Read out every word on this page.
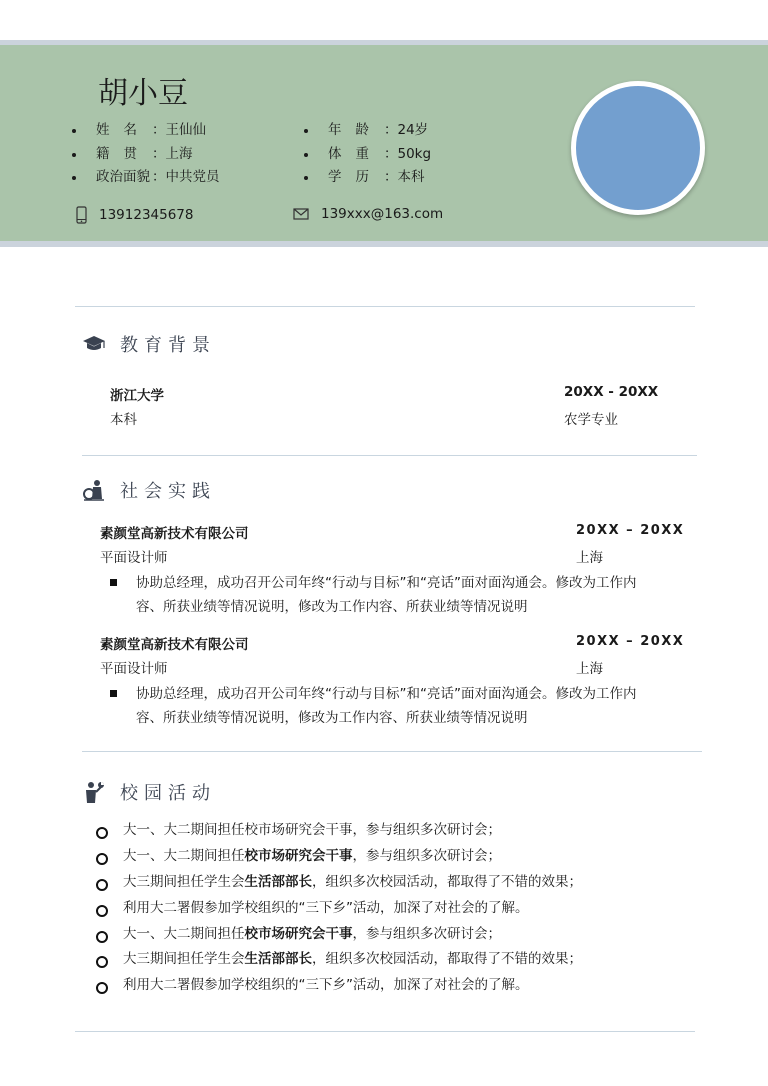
胡小豆
姓名：王仙仙
籍贯：上海
政治面貌 ：中共党员
年龄：24岁
体重：50kg
学历：本科
13912345678	139xxx@163.com
教育背景
浙江大学	20XX - 20XX
本科	农学专业
社会实践
素颜堂高新技术有限公司	20XX – 20XX
平面设计师	上海
协助总经理，成功召开公司年终“行动与目标”和“亮话”面对面沟通会。修改为工作内容、所获业绩等情况说明，修改为工作内容、所获业绩等情况说明
素颜堂高新技术有限公司	20XX – 20XX
平面设计师	上海
协助总经理，成功召开公司年终“行动与目标”和“亮话”面对面沟通会。修改为工作内容、所获业绩等情况说明，修改为工作内容、所获业绩等情况说明
校园活动
大一、大二期间担任校市场研究会干事，参与组织多次研讨会；
大一、大二期间担任校市场研究会干事，参与组织多次研讨会；
大三期间担任学生会生活部部长，组织多次校园活动，都取得了不错的效果；
利用大二署假参加学校组织的“三下乡”活动，加深了对社会的了解。
大一、大二期间担任校市场研究会干事，参与组织多次研讨会；
大三期间担任学生会生活部部长，组织多次校园活动，都取得了不错的效果；
利用大二署假参加学校组织的“三下乡”活动，加深了对社会的了解。
